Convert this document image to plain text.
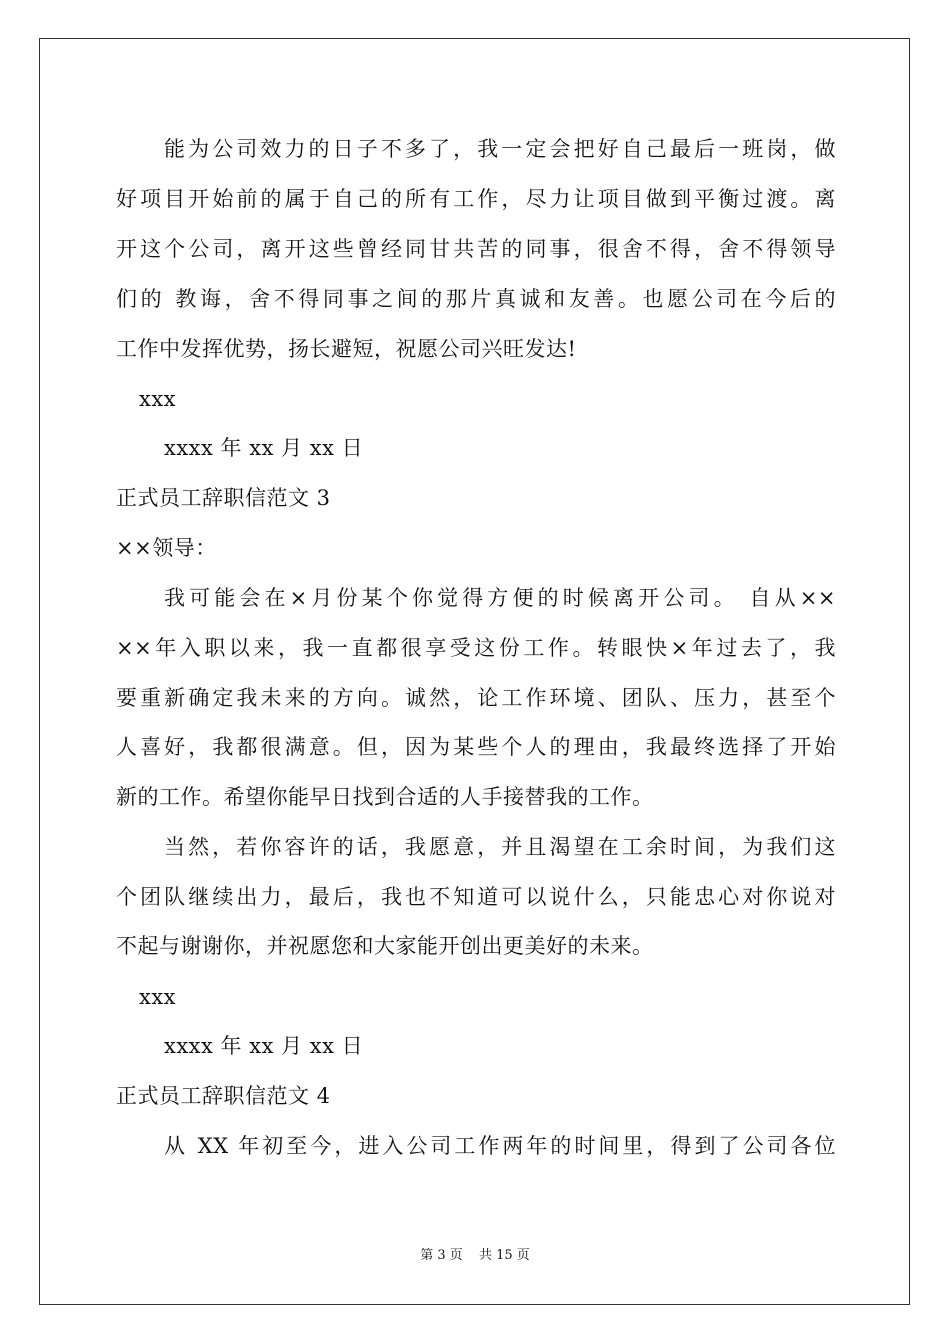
能为公司效力的日子不多了，我一定会把好自己最后一班岗，做
好项目开始前的属于自己的所有工作，尽力让项目做到平衡过渡。离
开这个公司，离开这些曾经同甘共苦的同事，很舍不得，舍不得领导
们的 教诲，舍不得同事之间的那片真诚和友善。也愿公司在今后的
工作中发挥优势，扬长避短，祝愿公司兴旺发达!
xxx
xxxx 年 xx 月 xx 日
正式员工辞职信范文 3
××领导：
我可能会在×月份某个你觉得方便的时候离开公司。 自从××
××年入职以来，我一直都很享受这份工作。转眼快×年过去了，我
要重新确定我未来的方向。诚然，论工作环境、团队、压力，甚至个
人喜好，我都很满意。但，因为某些个人的理由，我最终选择了开始
新的工作。希望你能早日找到合适的人手接替我的工作。
当然，若你容许的话，我愿意，并且渴望在工余时间，为我们这
个团队继续出力，最后，我也不知道可以说什么，只能忠心对你说对
不起与谢谢你，并祝愿您和大家能开创出更美好的未来。
xxx
xxxx 年 xx 月 xx 日
正式员工辞职信范文 4
从 XX 年初至今，进入公司工作两年的时间里，得到了公司各位
第 3 页 共 15 页
